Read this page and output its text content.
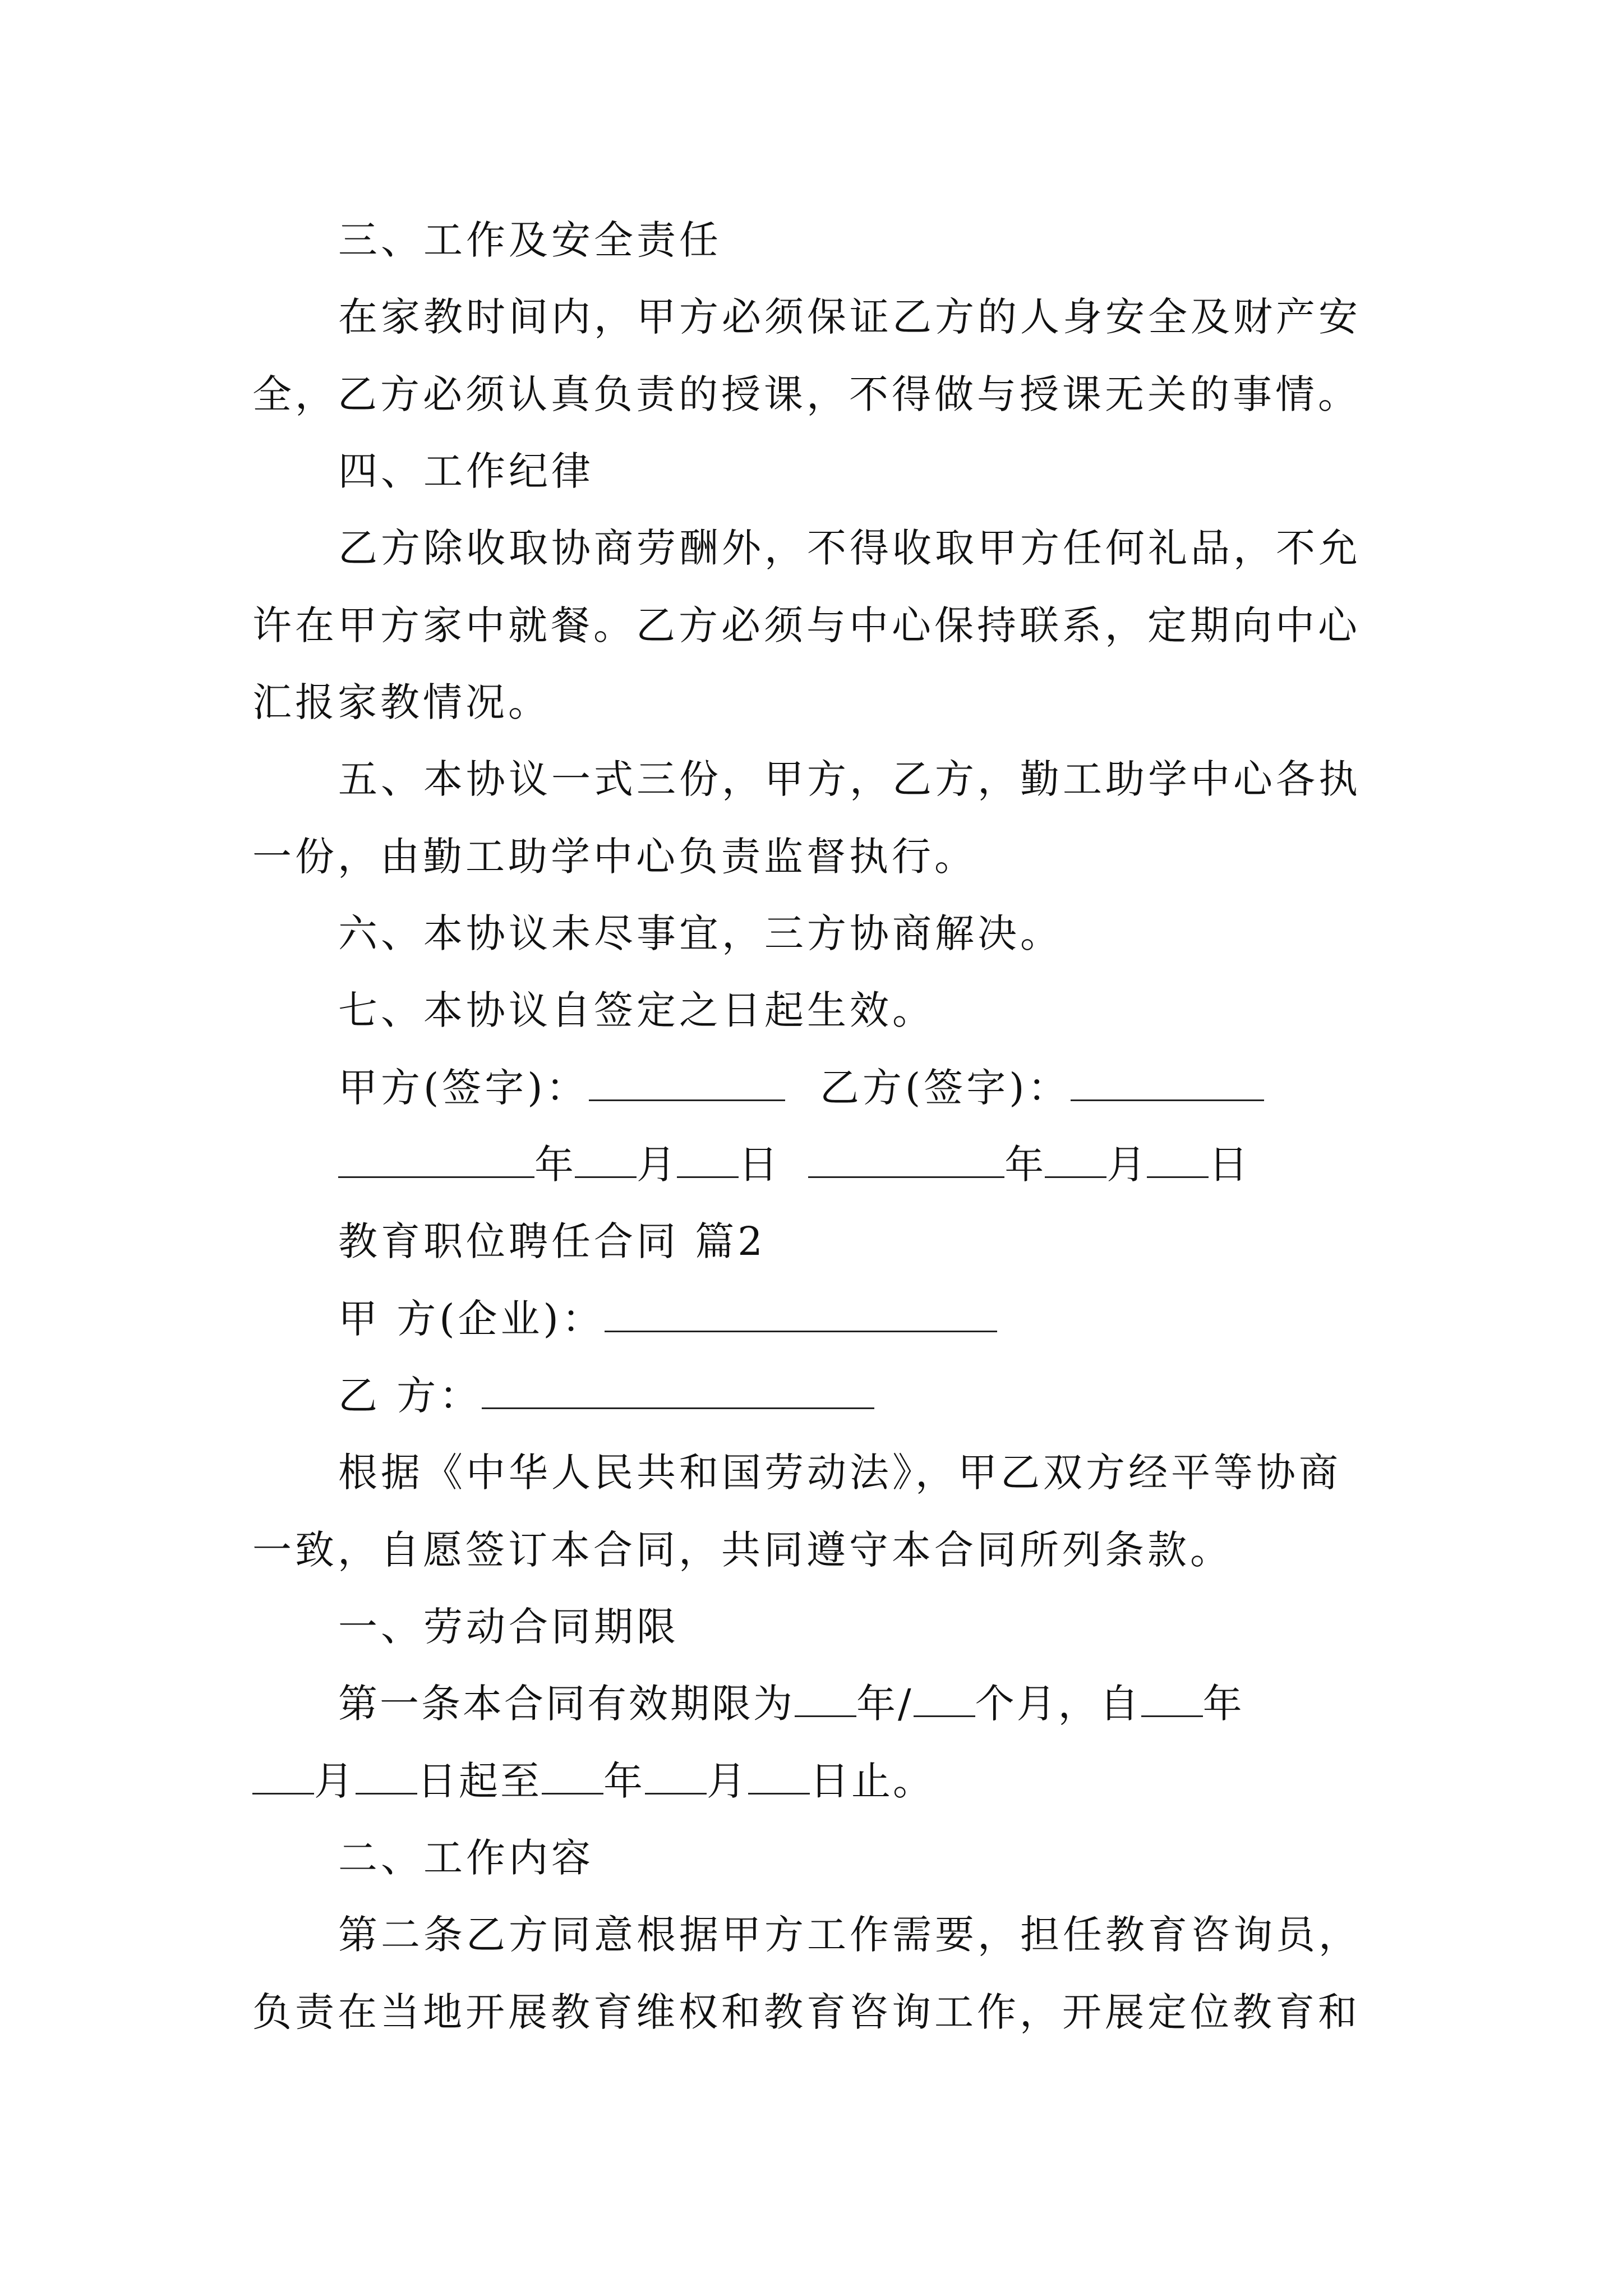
三、工作及安全责任
在家教时间内，甲方必须保证乙方的人身安全及财产安
全，乙方必须认真负责的授课，不得做与授课无关的事情。
四、工作纪律
乙方除收取协商劳酬外，不得收取甲方任何礼品，不允
许在甲方家中就餐。乙方必须与中心保持联系，定期向中心
汇报家教情况。
五、本协议一式三份，甲方，乙方，勤工助学中心各执
一份，由勤工助学中心负责监督执行。
六、本协议未尽事宜，三方协商解决。
七、本协议自签定之日起生效。
甲方(签字)：	乙方(签字)：
年 月 日	年 月 日
教育职位聘任合同 篇2
甲 方(企业)：
乙 方：
根据《中华人民共和国劳动法》，甲乙双方经平等协商
一致，自愿签订本合同，共同遵守本合同所列条款。
一、劳动合同期限
第一条本合同有效期限为 年/ 个月，自 年
月 日起至 年 月 日止。
二、工作内容
第二条乙方同意根据甲方工作需要，担任教育咨询员，
负责在当地开展教育维权和教育咨询工作，开展定位教育和
